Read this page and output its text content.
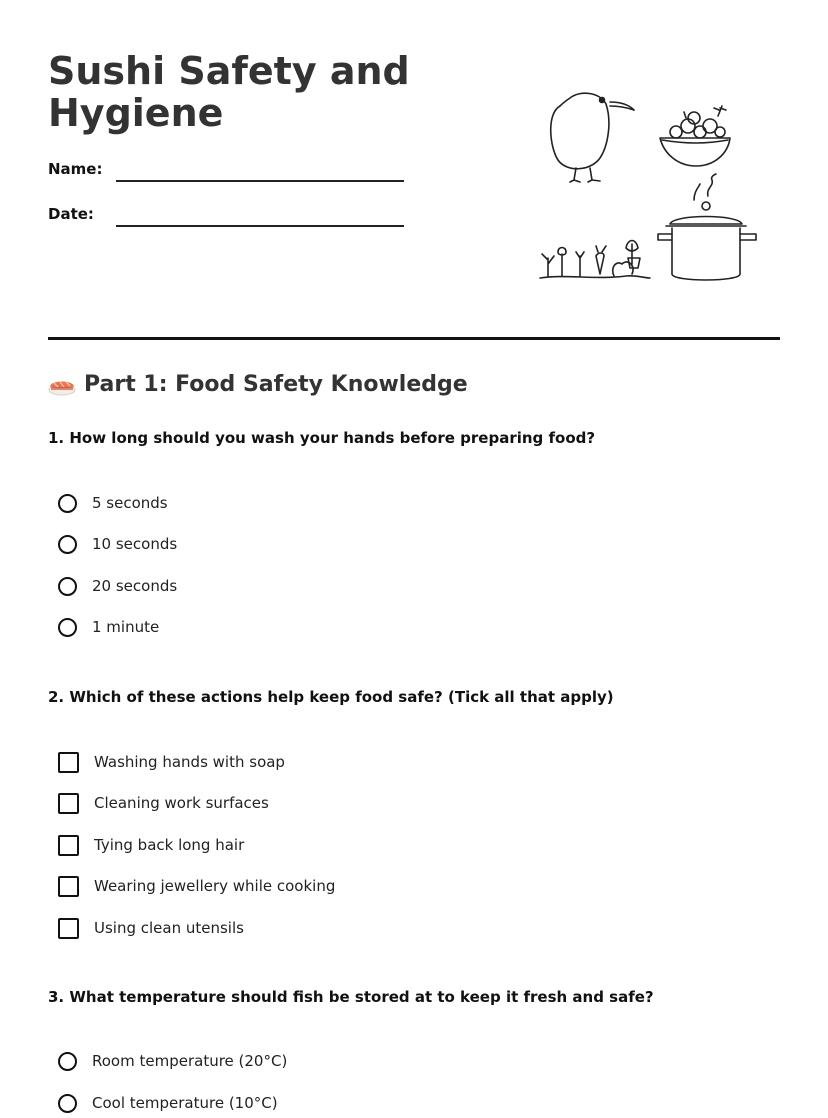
Sushi Safety and Hygiene
Name:
Date:
Part 1: Food Safety Knowledge

1. How long should you wash your hands before preparing food?

5 seconds
10 seconds
20 seconds
1 minute

2. Which of these actions help keep food safe? (Tick all that apply)

Washing hands with soap
Cleaning work surfaces
Tying back long hair
Wearing jewellery while cooking
Using clean utensils

3. What temperature should fish be stored at to keep it fresh and safe?

Room temperature (20°C)
Cool temperature (10°C)
